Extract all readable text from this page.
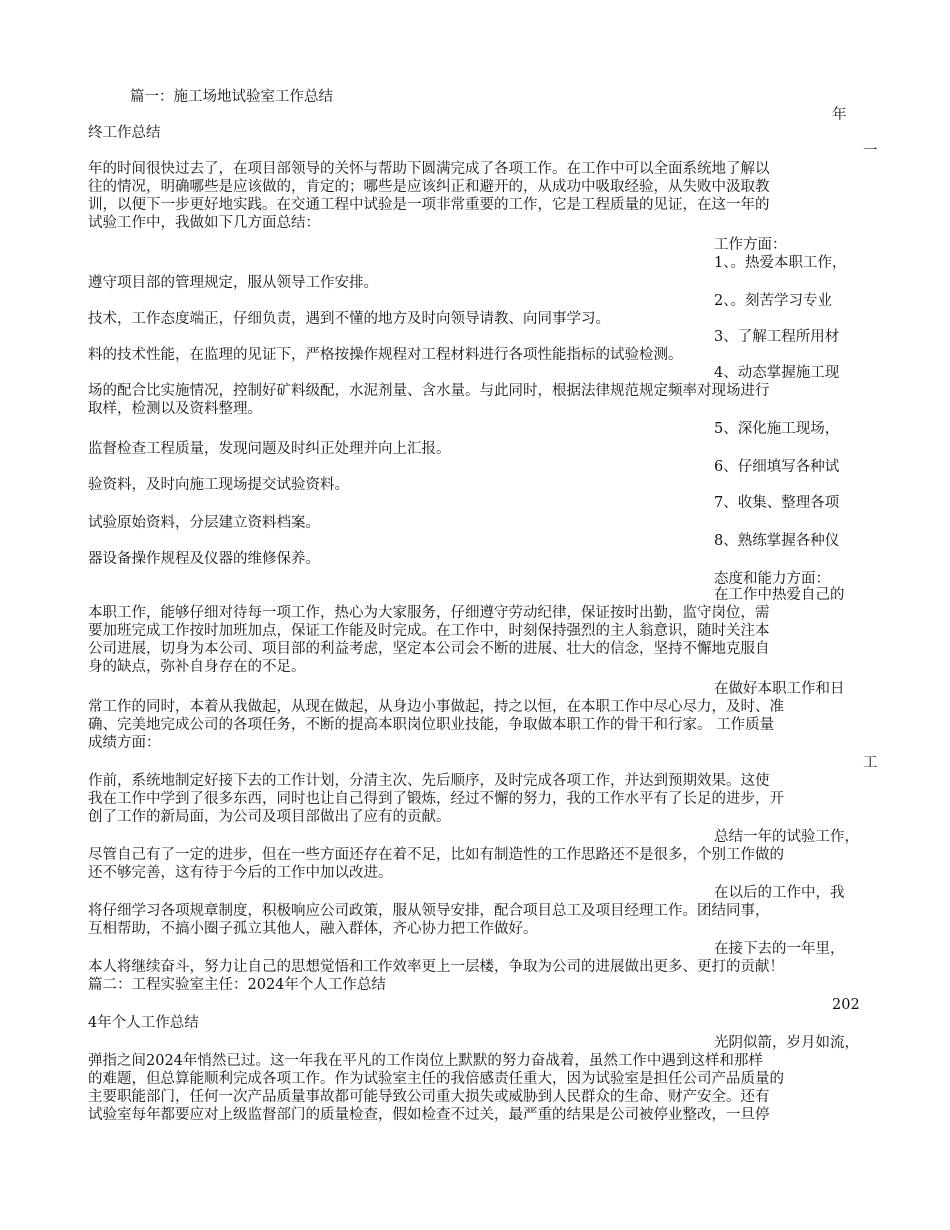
篇一：施工场地试验室工作总结
年
终工作总结
一
年的时间很快过去了，在项目部领导的关怀与帮助下圆满完成了各项工作。在工作中可以全面系统地了解以
往的情况，明确哪些是应该做的，肯定的；哪些是应该纠正和避开的，从成功中吸取经验，从失败中汲取教
训，以便下一步更好地实践。在交通工程中试验是一项非常重要的工作，它是工程质量的见证，在这一年的
试验工作中，我做如下几方面总结：
工作方面：
1、。热爱本职工作，
遵守项目部的管理规定，服从领导工作安排。
2、。刻苦学习专业
技术，工作态度端正，仔细负责，遇到不懂的地方及时向领导请教、向同事学习。
3、了解工程所用材
料的技术性能，在监理的见证下，严格按操作规程对工程材料进行各项性能指标的试验检测。
4、动态掌握施工现
场的配合比实施情况，控制好矿料级配，水泥剂量、含水量。与此同时，根据法律规范规定频率对现场进行
取样，检测以及资料整理。
5、深化施工现场，
监督检查工程质量，发现问题及时纠正处理并向上汇报。
6、仔细填写各种试
验资料，及时向施工现场提交试验资料。
7、收集、整理各项
试验原始资料，分层建立资料档案。
8、熟练掌握各种仪
器设备操作规程及仪器的维修保养。
态度和能力方面：
在工作中热爱自己的
本职工作，能够仔细对待每一项工作，热心为大家服务，仔细遵守劳动纪律，保证按时出勤，监守岗位，需
要加班完成工作按时加班加点，保证工作能及时完成。在工作中，时刻保持强烈的主人翁意识，随时关注本
公司进展，切身为本公司、项目部的利益考虑，坚定本公司会不断的进展、壮大的信念，坚持不懈地克服自
身的缺点，弥补自身存在的不足。
在做好本职工作和日
常工作的同时，本着从我做起，从现在做起，从身边小事做起，持之以恒，在本职工作中尽心尽力，及时、准
确、完美地完成公司的各项任务，不断的提高本职岗位职业技能，争取做本职工作的骨干和行家。 工作质量
成绩方面：
工
作前，系统地制定好接下去的工作计划，分清主次、先后顺序，及时完成各项工作，并达到预期效果。这使
我在工作中学到了很多东西，同时也让自己得到了锻炼，经过不懈的努力，我的工作水平有了长足的进步，开
创了工作的新局面，为公司及项目部做出了应有的贡献。
总结一年的试验工作，
尽管自己有了一定的进步，但在一些方面还存在着不足，比如有制造性的工作思路还不是很多，个别工作做的
还不够完善，这有待于今后的工作中加以改进。
在以后的工作中，我
将仔细学习各项规章制度，积极响应公司政策，服从领导安排，配合项目总工及项目经理工作。团结同事，
互相帮助，不搞小圈子孤立其他人，融入群体，齐心协力把工作做好。
在接下去的一年里，
本人将继续奋斗，努力让自己的思想觉悟和工作效率更上一层楼，争取为公司的进展做出更多、更打的贡献！
篇二：工程实验室主任：2024年个人工作总结
202
4年个人工作总结
光阴似箭，岁月如流，
弹指之间2024年悄然已过。这一年我在平凡的工作岗位上默默的努力奋战着，虽然工作中遇到这样和那样
的难题，但总算能顺利完成各项工作。作为试验室主任的我倍感责任重大，因为试验室是担任公司产品质量的
主要职能部门，任何一次产品质量事故都可能导致公司重大损失或威胁到人民群众的生命、财产安全。还有
试验室每年都要应对上级监督部门的质量检查，假如检查不过关，最严重的结果是公司被停业整改，一旦停
